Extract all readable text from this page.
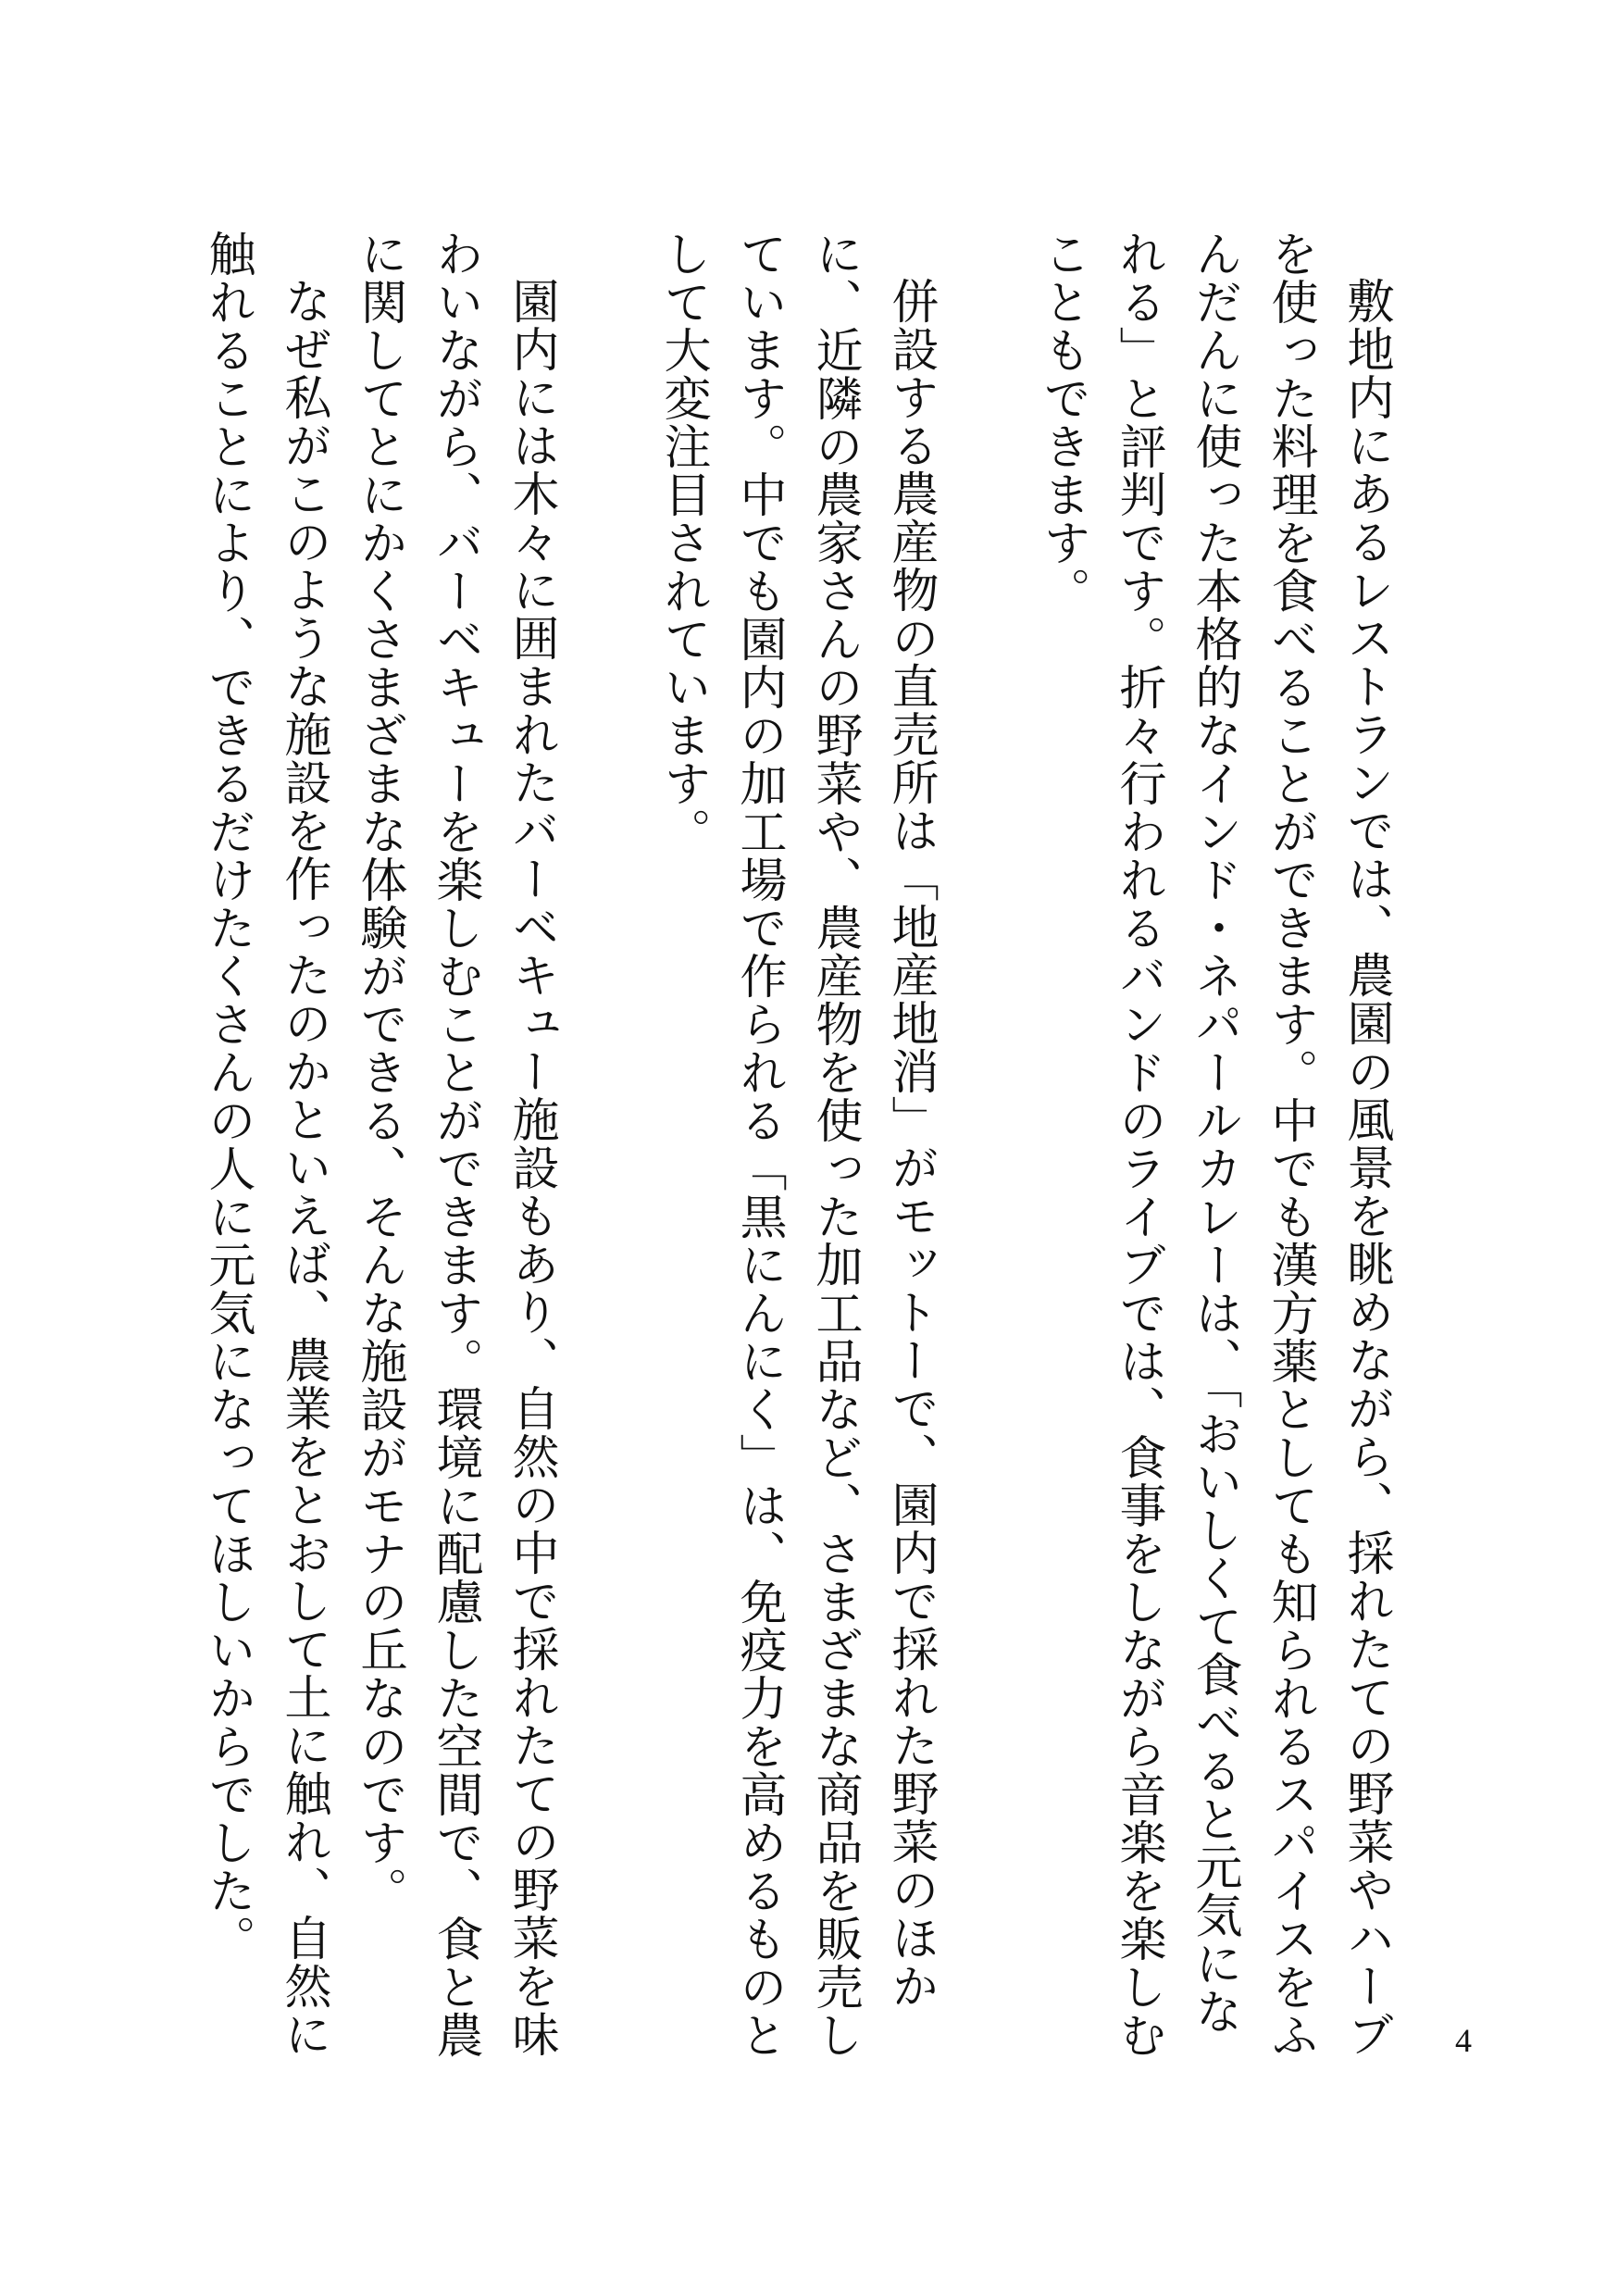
敷地内にあるレストランでは、農園の風景を眺めながら、採れたての野菜やハーブを使った料理を食べることができます。中でも漢方薬としても知られるスパイスをふんだんに使った本格的なインド・ネパールカレーは、「おいしくて食べると元気になれる」と評判です。折々行われるバンドのライブでは、食事をしながら音楽を楽しむこともできます。

併設する農産物の直売所は「地産地消」がモットーで、園内で採れた野菜のほかに、近隣の農家さんの野菜や、農産物を使った加工品など、さまざまな商品を販売しています。中でも園内の加工場で作られる「黒にんにく」は、免疫力を高めるものとして大変注目されています。

園内には木々に囲まれたバーベキュー施設もあり、自然の中で採れたての野菜を味わいながら、バーベキューを楽しむことができます。環境に配慮した空間で、食と農に関してとにかくさまざまな体験ができる、そんな施設がモナの丘なのです。

なぜ私がこのような施設を作ったのかといえば、農業をとおして土に触れ、自然に触れることにより、できるだけたくさんの人に元気になってほしいからでした。

4
